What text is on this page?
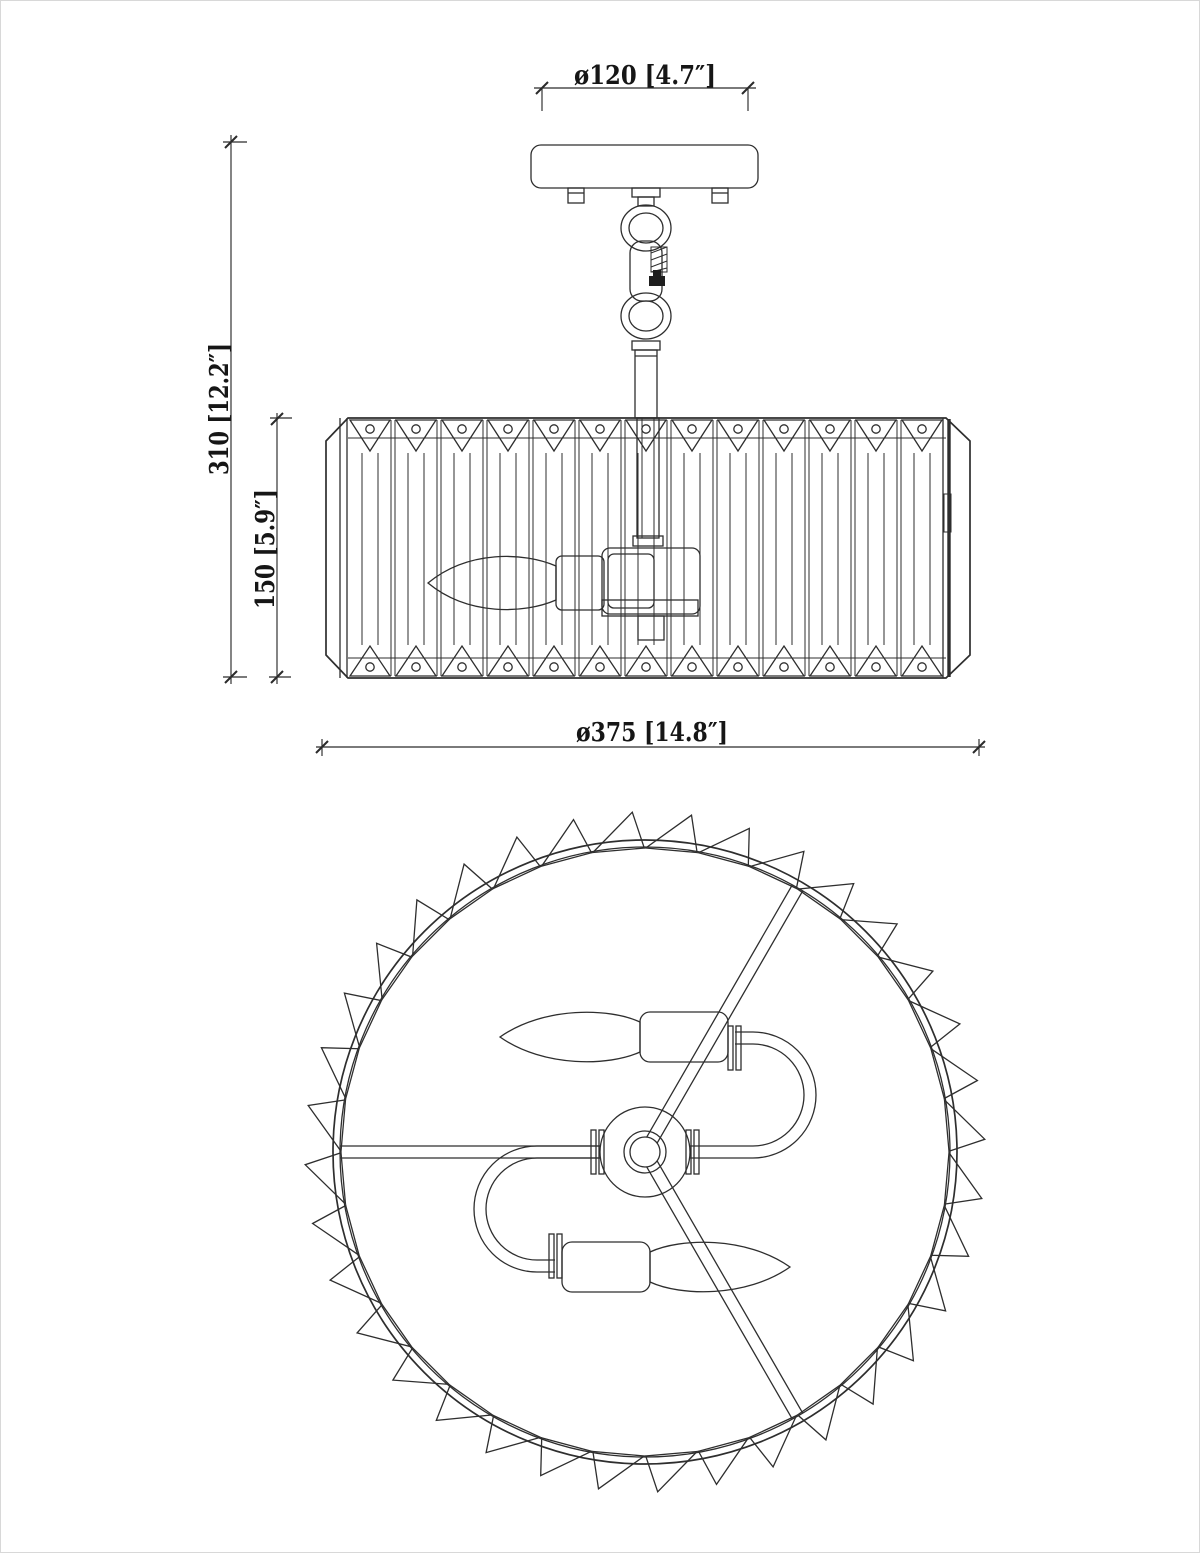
ø120 [4.7″]
310 [12.2″]
150 [5.9″]
ø375 [14.8″]
